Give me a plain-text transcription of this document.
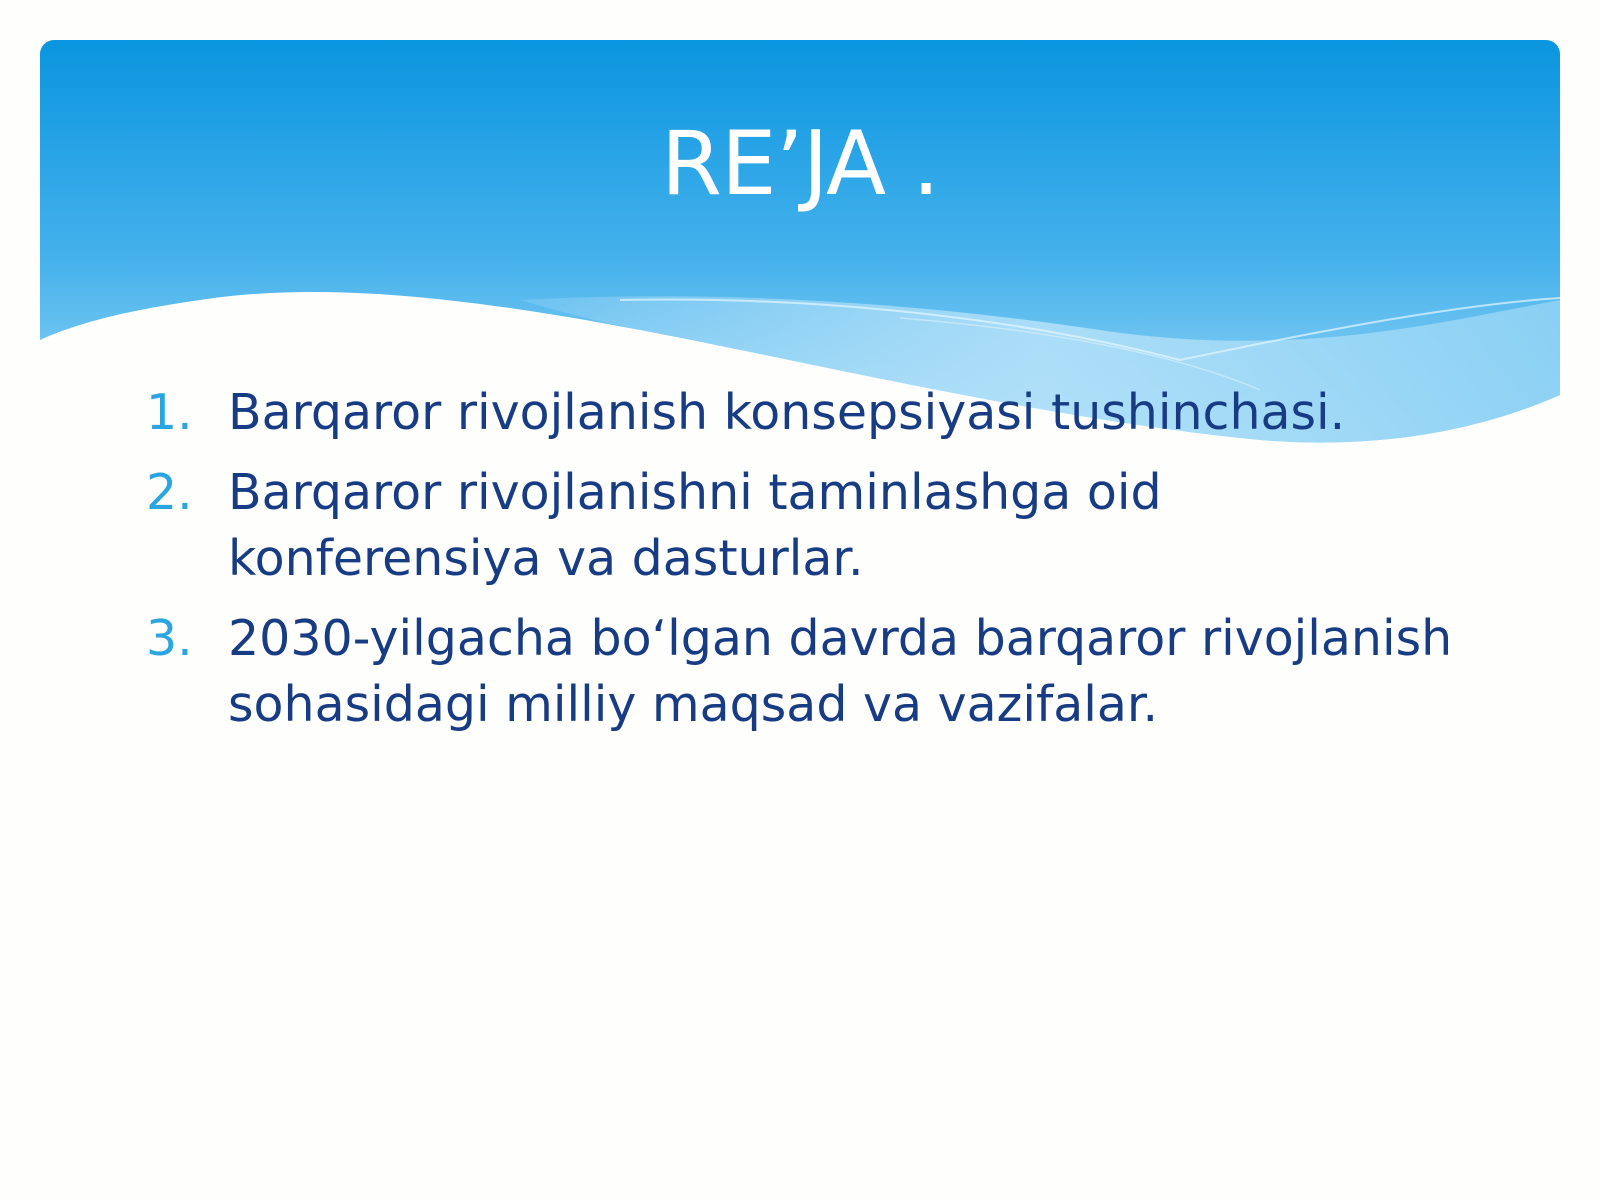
RE’JA .
1. Barqaror rivojlanish konsepsiyasi tushinchasi.
2. Barqaror rivojlanishni taminlashga oid konferensiya va dasturlar.
3. 2030-yilgacha bo‘lgan davrda barqaror rivojlanish sohasidagi milliy maqsad va vazifalar.
